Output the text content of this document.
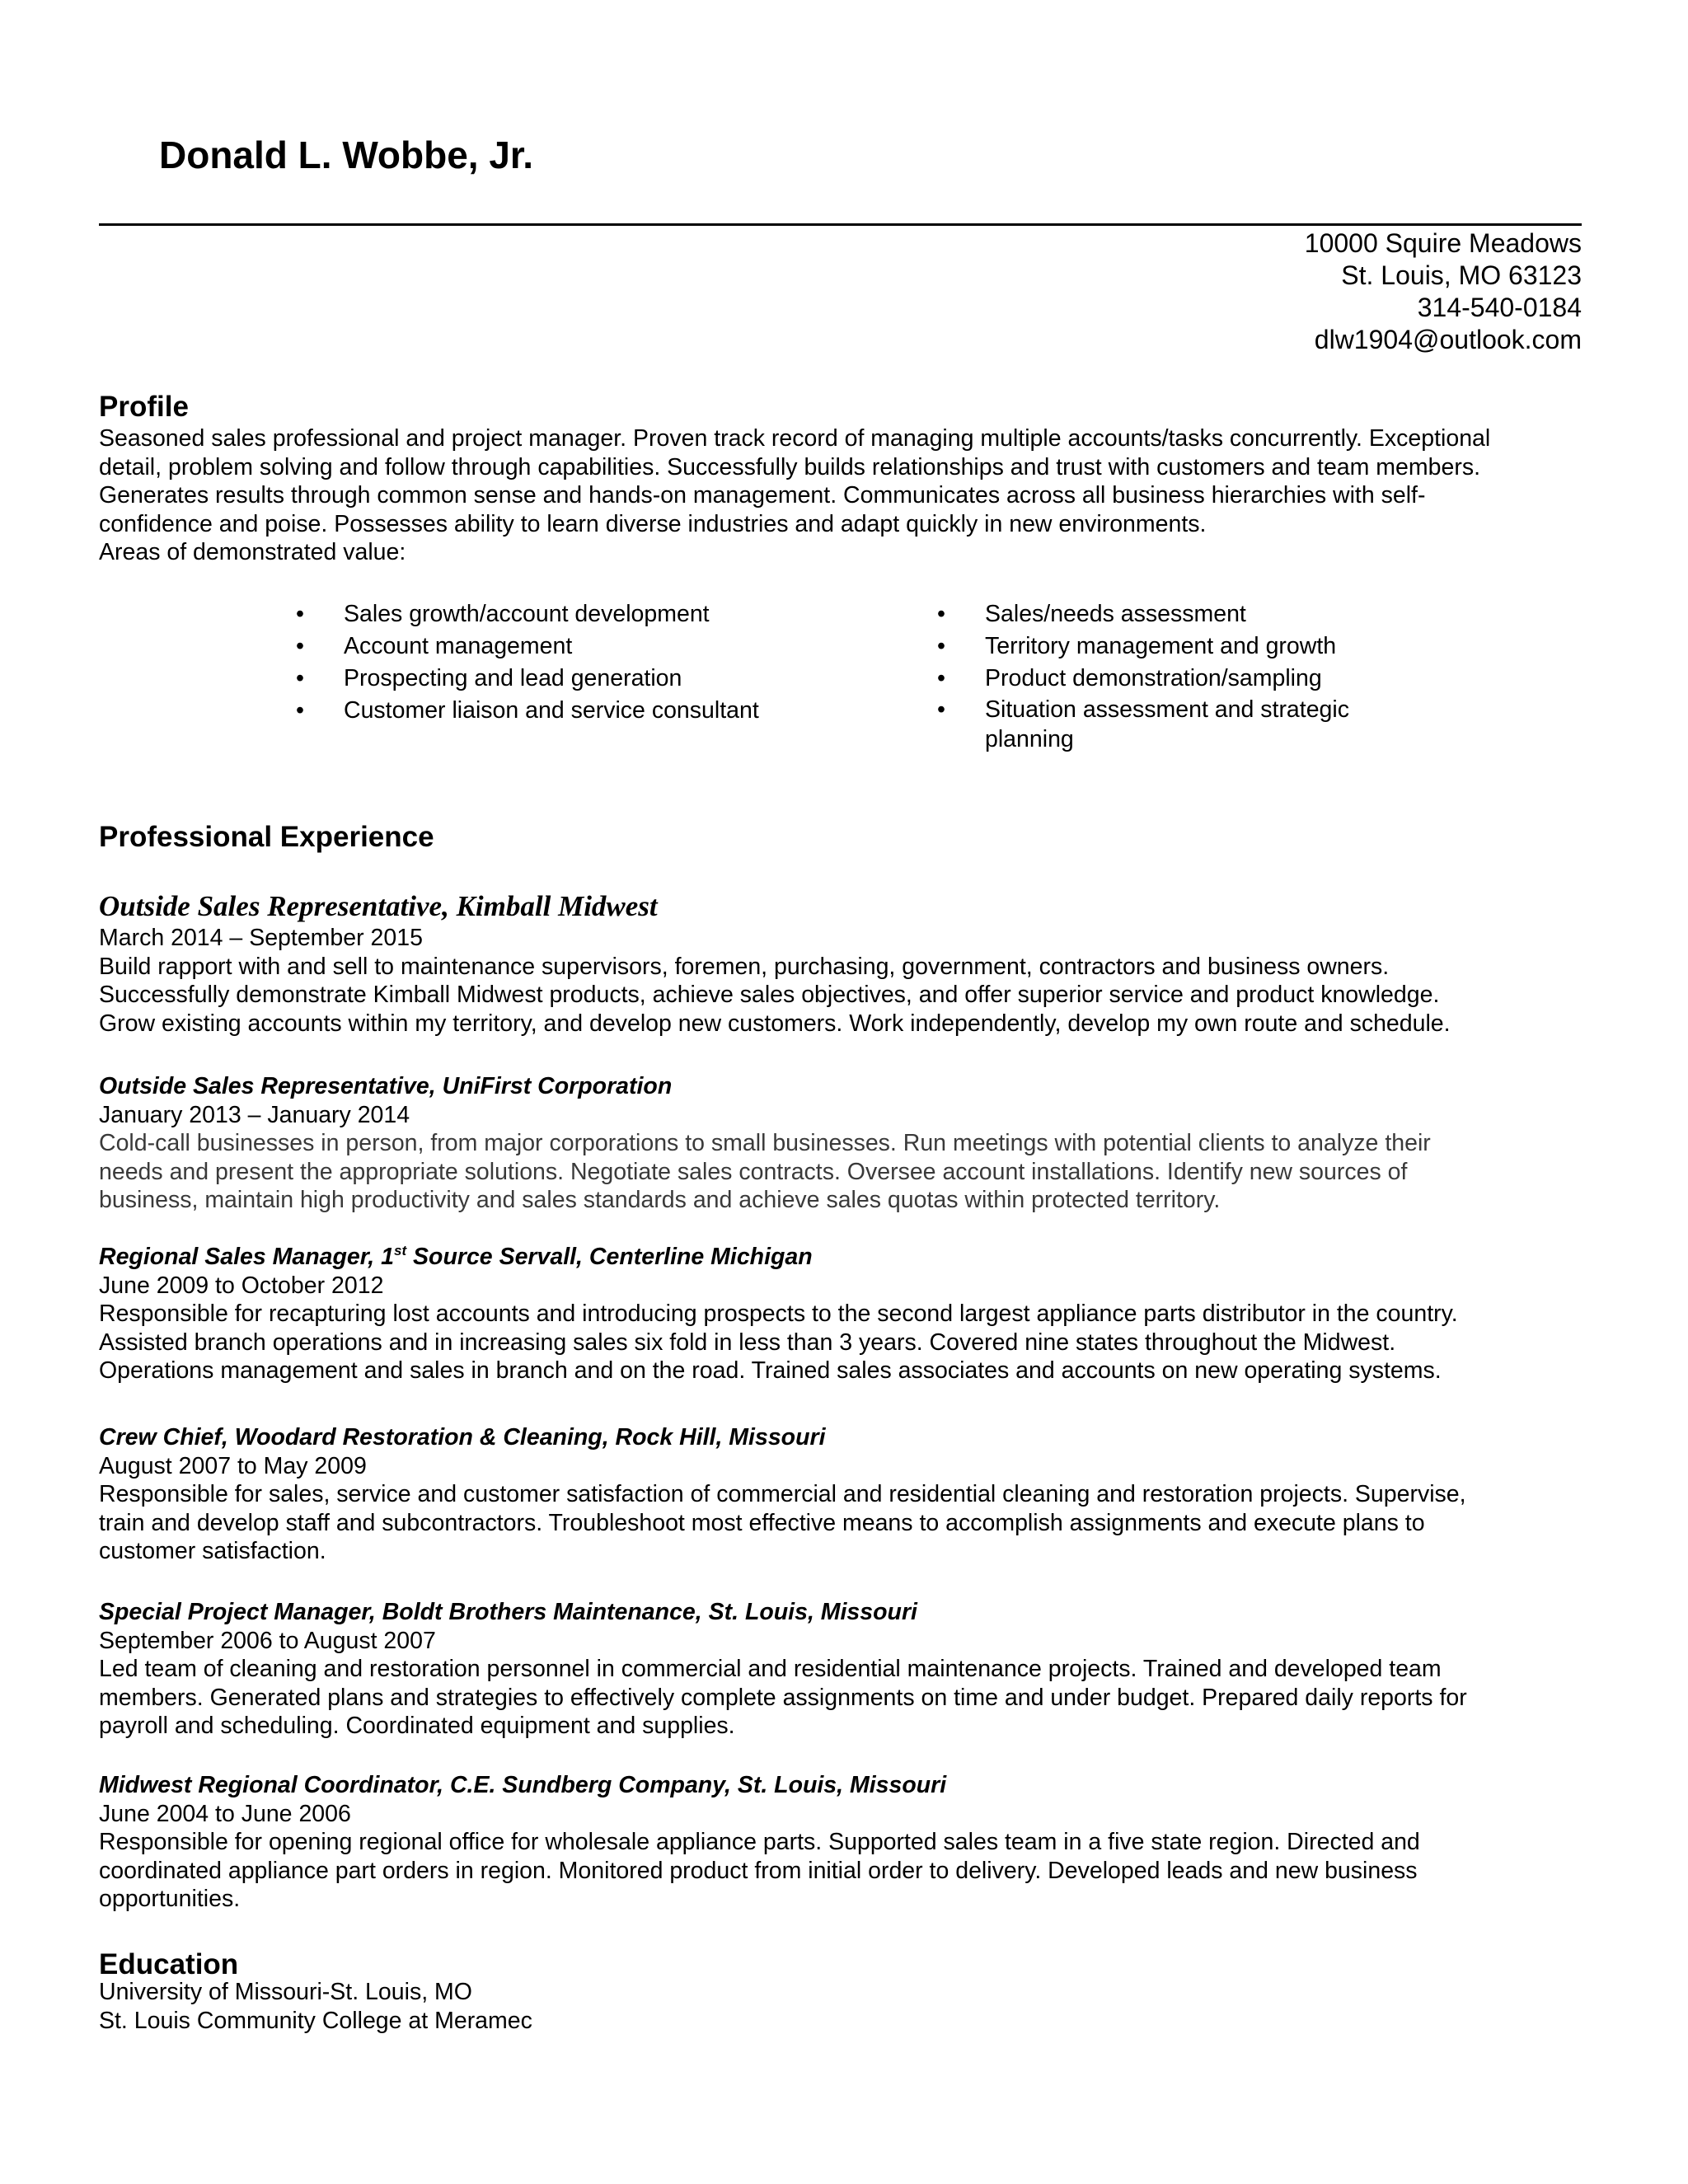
Donald L. Wobbe, Jr.
10000 Squire Meadows
St. Louis, MO 63123
314-540-0184
dlw1904@outlook.com
Profile
Seasoned sales professional and project manager. Proven track record of managing multiple accounts/tasks concurrently. Exceptional
detail, problem solving and follow through capabilities. Successfully builds relationships and trust with customers and team members.
Generates results through common sense and hands-on management. Communicates across all business hierarchies with self-
confidence and poise. Possesses ability to learn diverse industries and adapt quickly in new environments.
Areas of demonstrated value:
• Sales growth/account development
• Account management
• Prospecting and lead generation
• Customer liaison and service consultant
• Sales/needs assessment
• Territory management and growth
• Product demonstration/sampling
• Situation assessment and strategic
planning
Professional Experience
Outside Sales Representative, Kimball Midwest
March 2014 – September 2015
Build rapport with and sell to maintenance supervisors, foremen, purchasing, government, contractors and business owners.
Successfully demonstrate Kimball Midwest products, achieve sales objectives, and offer superior service and product knowledge.
Grow existing accounts within my territory, and develop new customers. Work independently, develop my own route and schedule.
Outside Sales Representative, UniFirst Corporation
January 2013 – January 2014
Cold-call businesses in person, from major corporations to small businesses. Run meetings with potential clients to analyze their
needs and present the appropriate solutions. Negotiate sales contracts. Oversee account installations. Identify new sources of
business, maintain high productivity and sales standards and achieve sales quotas within protected territory.
Regional Sales Manager, 1st Source Servall, Centerline Michigan
June 2009 to October 2012
Responsible for recapturing lost accounts and introducing prospects to the second largest appliance parts distributor in the country.
Assisted branch operations and in increasing sales six fold in less than 3 years. Covered nine states throughout the Midwest.
Operations management and sales in branch and on the road. Trained sales associates and accounts on new operating systems.
Crew Chief, Woodard Restoration & Cleaning, Rock Hill, Missouri
August 2007 to May 2009
Responsible for sales, service and customer satisfaction of commercial and residential cleaning and restoration projects. Supervise,
train and develop staff and subcontractors. Troubleshoot most effective means to accomplish assignments and execute plans to
customer satisfaction.
Special Project Manager, Boldt Brothers Maintenance, St. Louis, Missouri
September 2006 to August 2007
Led team of cleaning and restoration personnel in commercial and residential maintenance projects. Trained and developed team
members. Generated plans and strategies to effectively complete assignments on time and under budget. Prepared daily reports for
payroll and scheduling. Coordinated equipment and supplies.
Midwest Regional Coordinator, C.E. Sundberg Company, St. Louis, Missouri
June 2004 to June 2006
Responsible for opening regional office for wholesale appliance parts. Supported sales team in a five state region. Directed and
coordinated appliance part orders in region. Monitored product from initial order to delivery. Developed leads and new business
opportunities.
Education
University of Missouri-St. Louis, MO
St. Louis Community College at Meramec
